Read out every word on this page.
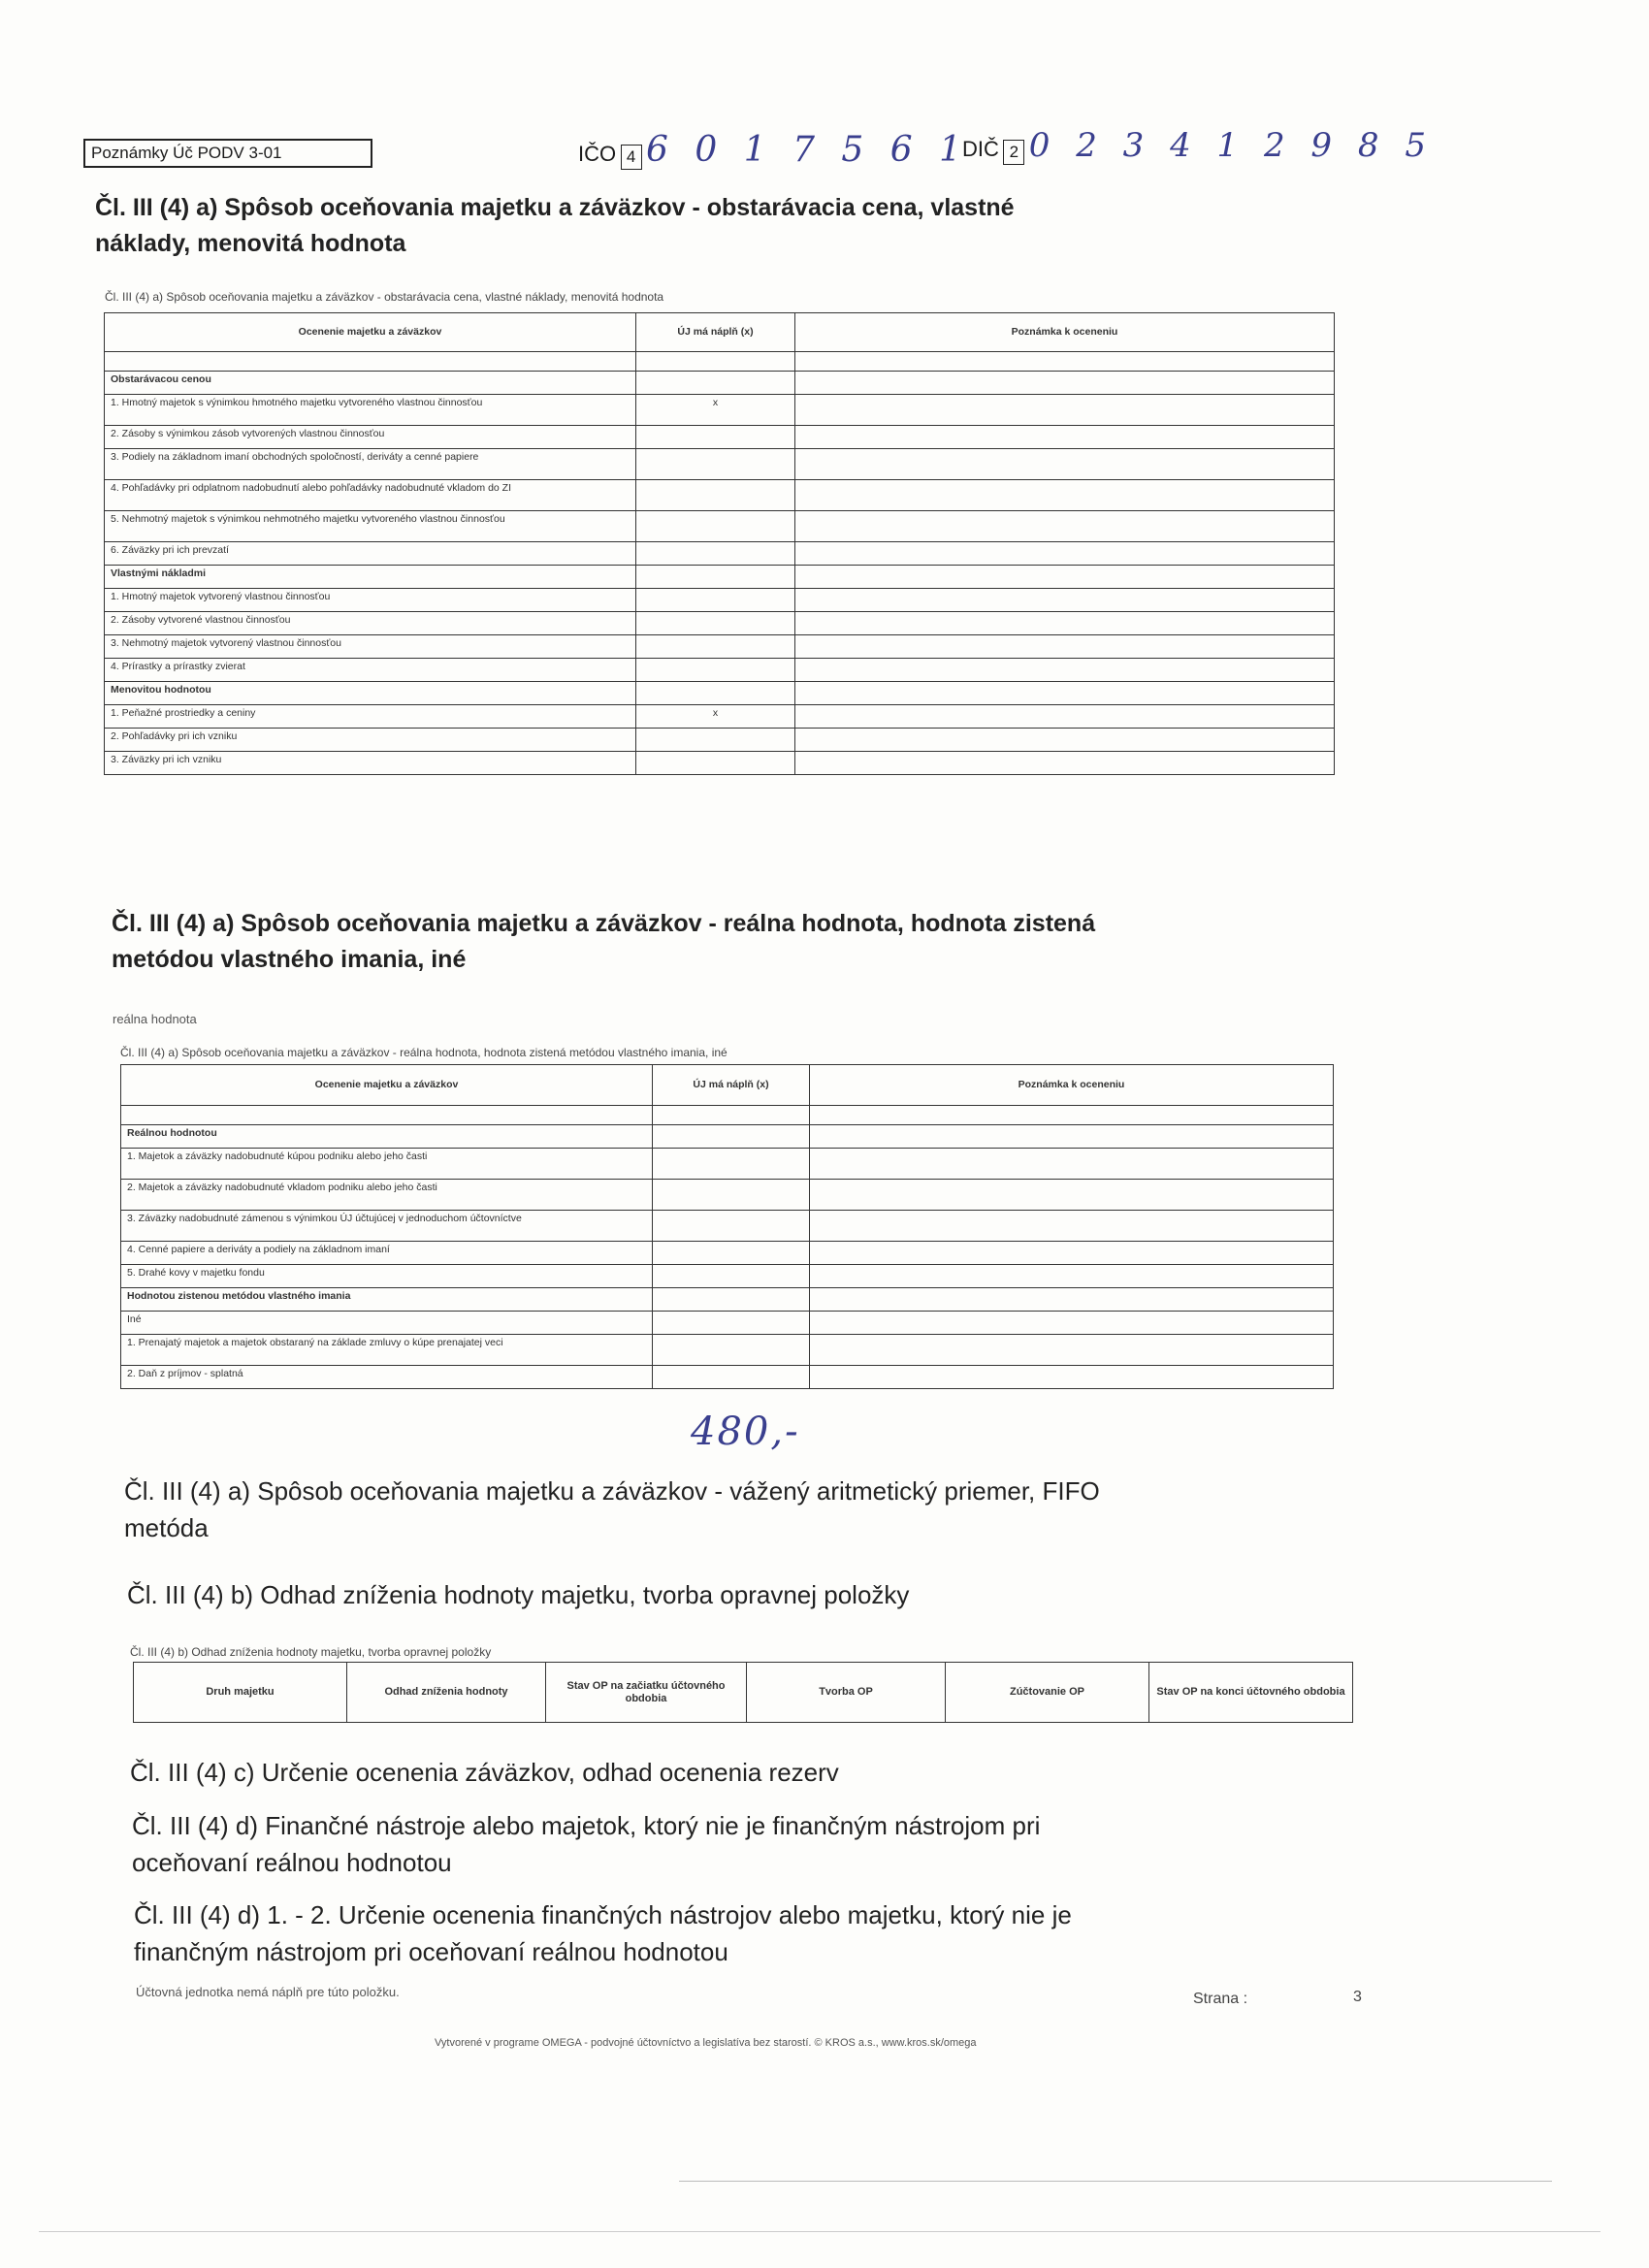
Poznámky Úč PODV 3-01	IČO 4 6 0 1 7 5 6 1
DIČ 2 0 2 3 4 1 2 9 8 5
Čl. III (4) a) Spôsob oceňovania majetku a záväzkov - obstarávacia cena, vlastné
náklady, menovitá hodnota
Čl. III (4) a) Spôsob oceňovania majetku a záväzkov - obstarávacia cena, vlastné náklady, menovitá hodnota
Ocenenie majetku a záväzkov	ÚJ má náplň (x)	Poznámka k oceneniu

Obstarávacou cenou		
1. Hmotný majetok s výnimkou hmotného majetku vytvoreného vlastnou činnosťou	x	
2. Zásoby s výnimkou zásob vytvorených vlastnou činnosťou		
3. Podiely na základnom imaní obchodných spoločností, deriváty a cenné papiere		
4. Pohľadávky pri odplatnom nadobudnutí alebo pohľadávky nadobudnuté vkladom do ZI		
5. Nehmotný majetok s výnimkou nehmotného majetku vytvoreného vlastnou činnosťou		
6. Záväzky pri ich prevzatí		
Vlastnými nákladmi		
1. Hmotný majetok vytvorený vlastnou činnosťou		
2. Zásoby vytvorené vlastnou činnosťou		
3. Nehmotný majetok vytvorený vlastnou činnosťou		
4. Prírastky a prírastky zvierat		
Menovitou hodnotou		
1. Peňažné prostriedky a ceniny	x	
2. Pohľadávky pri ich vzniku		
3. Záväzky pri ich vzniku		
Čl. III (4) a) Spôsob oceňovania majetku a záväzkov - reálna hodnota, hodnota zistená
metódou vlastného imania, iné
reálna hodnota
Čl. III (4) a) Spôsob oceňovania majetku a záväzkov - reálna hodnota, hodnota zistená metódou vlastného imania, iné
Ocenenie majetku a záväzkov	ÚJ má náplň (x)	Poznámka k oceneniu

Reálnou hodnotou		
1. Majetok a záväzky nadobudnuté kúpou podniku alebo jeho časti		
2. Majetok a záväzky nadobudnuté vkladom podniku alebo jeho časti		
3. Záväzky nadobudnuté zámenou s výnimkou ÚJ účtujúcej v jednoduchom účtovníctve		
4. Cenné papiere a deriváty a podiely na základnom imaní		
5. Drahé kovy v majetku fondu		
Hodnotou zistenou metódou vlastného imania		
Iné		
1. Prenajatý majetok a majetok obstaraný na základe zmluvy o kúpe prenajatej veci		
2. Daň z príjmov - splatná		
480,-
Čl. III (4) a) Spôsob oceňovania majetku a záväzkov - vážený aritmetický priemer, FIFO
metóda
Čl. III (4) b) Odhad zníženia hodnoty majetku, tvorba opravnej položky
Čl. III (4) b) Odhad zníženia hodnoty majetku, tvorba opravnej položky
Druh majetku	Odhad zníženia hodnoty	Stav OP na začiatku účtovného obdobia	Tvorba OP	Zúčtovanie OP	Stav OP na konci účtovného obdobia
Čl. III (4) c) Určenie ocenenia záväzkov, odhad ocenenia rezerv
Čl. III (4) d) Finančné nástroje alebo majetok, ktorý nie je finančným nástrojom pri
oceňovaní reálnou hodnotou
Čl. III (4) d) 1. - 2. Určenie ocenenia finančných nástrojov alebo majetku, ktorý nie je
finančným nástrojom pri oceňovaní reálnou hodnotou
Účtovná jednotka nemá náplň pre túto položku.	Strana :	3
Vytvorené v programe OMEGA - podvojné účtovníctvo a legislatíva bez starostí. © KROS a.s., www.kros.sk/omega
